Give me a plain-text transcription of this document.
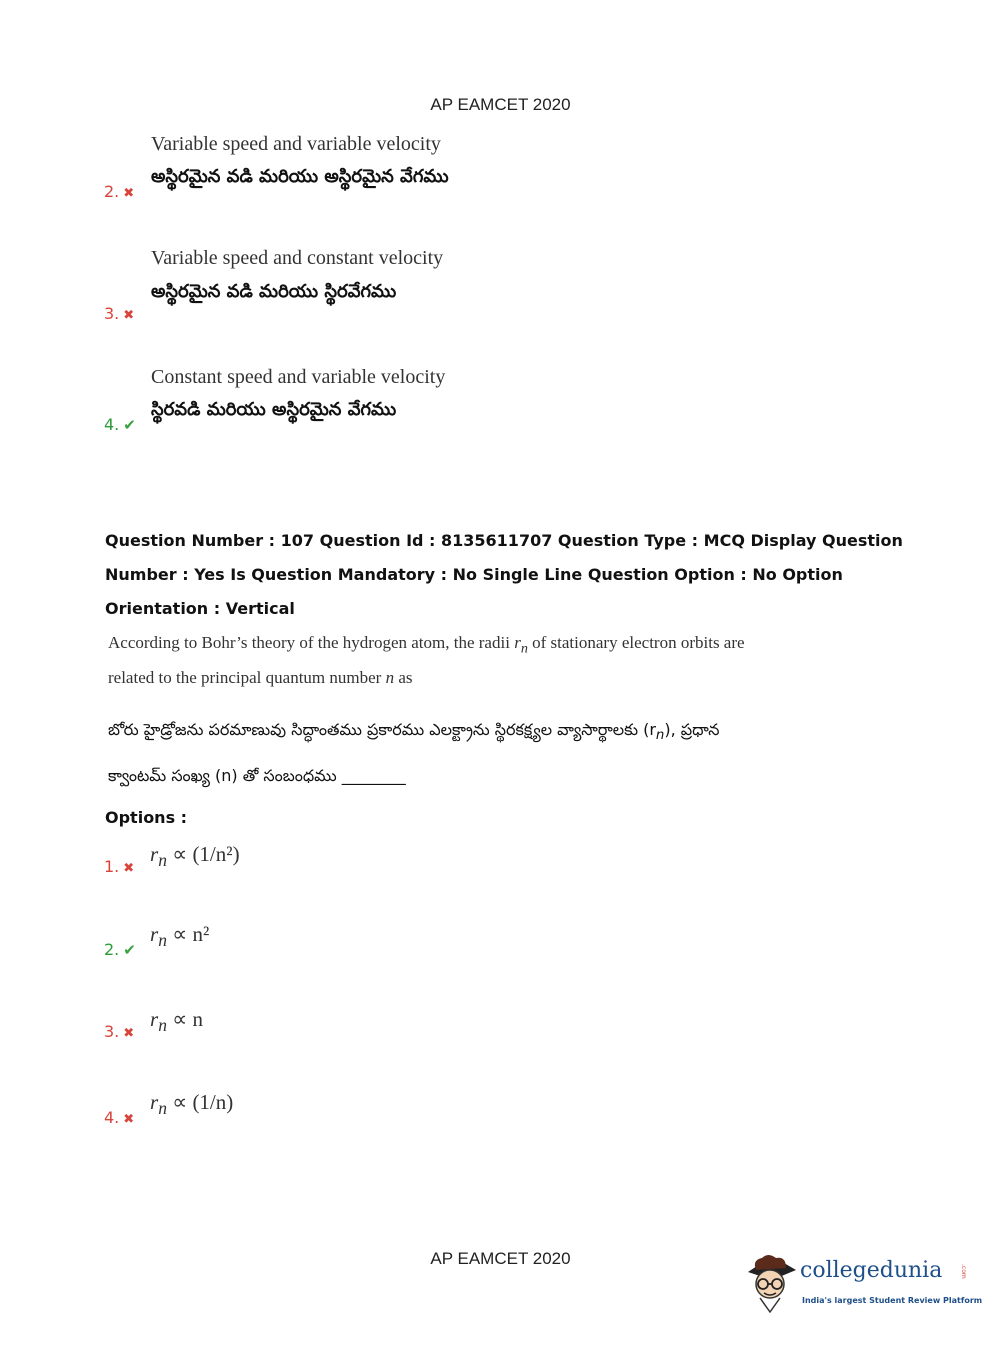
AP EAMCET 2020
Variable speed and variable velocity
అస్థిరమైన వడి మరియు అస్థిరమైన వేగము
2. ✖
Variable speed and constant velocity
అస్థిరమైన వడి మరియు స్థిరవేగము
3. ✖
Constant speed and variable velocity
స్థిరవడి మరియు అస్థిరమైన వేగము
4. ✔
Question Number : 107 Question Id : 8135611707 Question Type : MCQ Display Question
Number : Yes Is Question Mandatory : No Single Line Question Option : No Option
Orientation : Vertical
According to Bohr’s theory of the hydrogen atom, the radii $r_n$ of stationary electron orbits are
related to the principal quantum number n as
బోరు హైడ్రోజను పరమాణువు సిద్ధాంతము ప్రకారము ఎలక్ట్రాను స్థిరకక్ష్యల వ్యాసార్థాలకు $(r_n)$, ప్రధాన
క్వాంటమ్ సంఖ్య (n) తో సంబంధము ________
Options :
1. ✖
$r_n \propto (1/n^2)$
2. ✔
$r_n \propto n^2$
3. ✖
$r_n \propto n$
4. ✖
$r_n \propto (1/n)$
AP EAMCET 2020	collegedunia	.com
India's largest Student Review Platform
